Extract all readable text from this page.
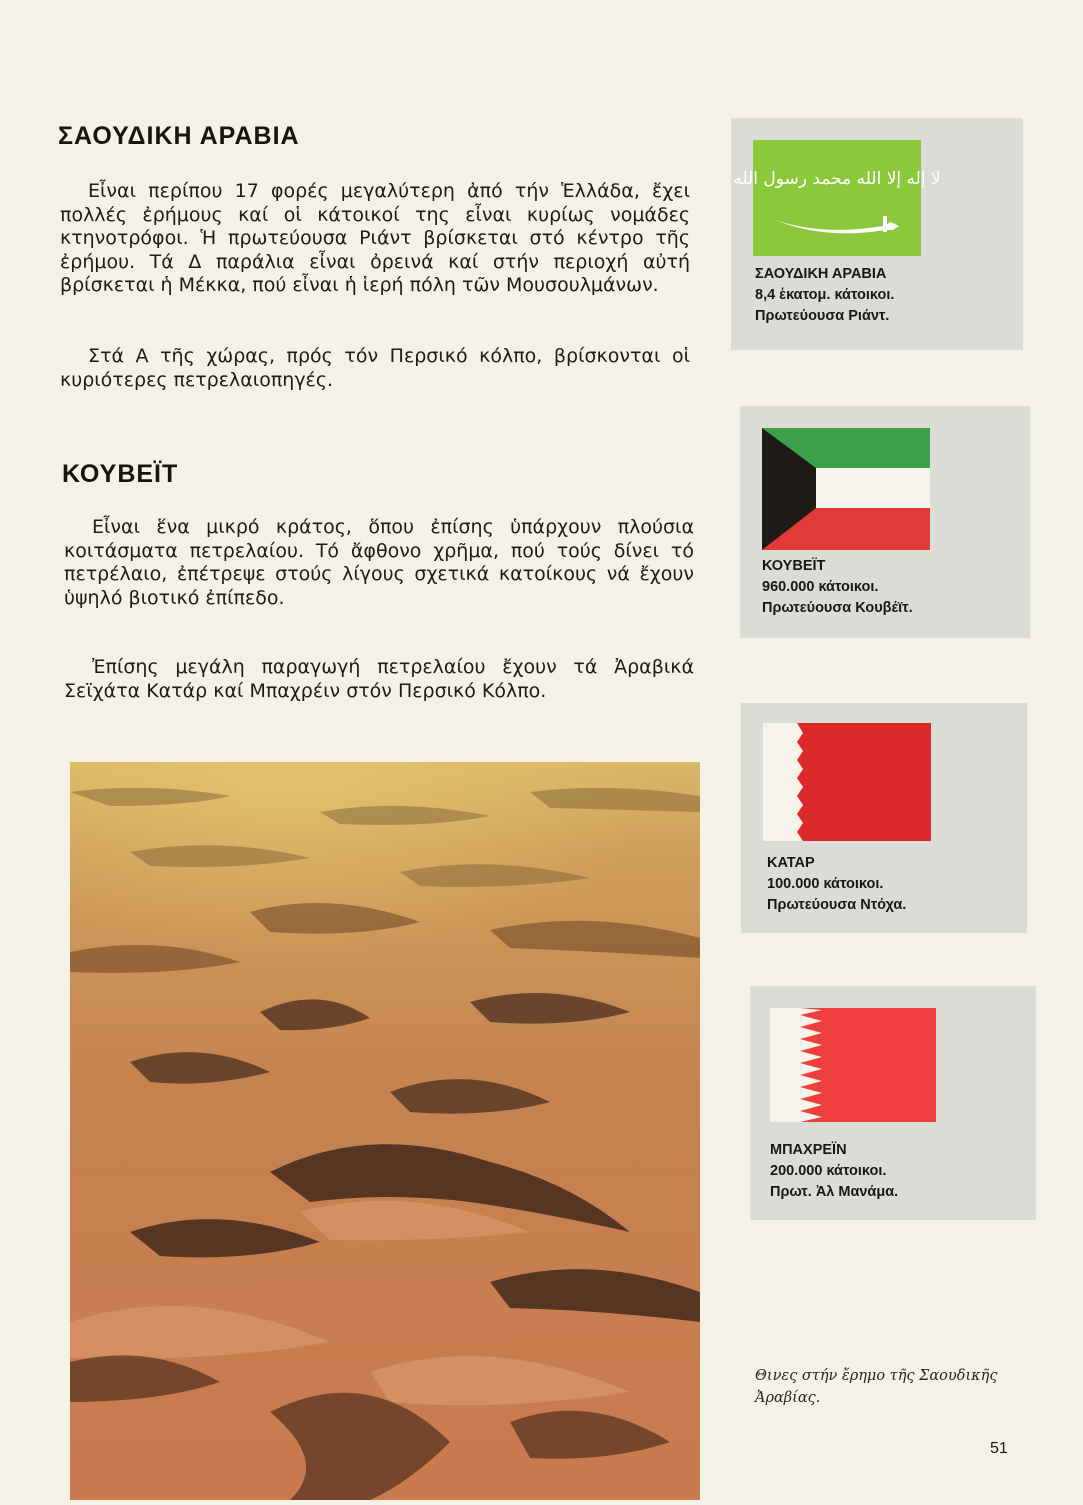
ΣΑΟΥΔΙΚΗ ΑΡΑΒΙΑ

Εἶναι περίπου 17 φορές μεγαλύτερη ἀπό τήν Ἑλλάδα, ἔχει πολλές ἐρήμους καί οἱ κάτοικοί της εἶναι κυρίως νομάδες κτηνοτρόφοι. Ἡ πρωτεύουσα Ριάντ βρίσκεται στό κέντρο τῆς ἐρήμου. Τά Δ παράλια εἶναι ὀρεινά καί στήν περιοχή αὐτή βρίσκεται ἡ Μέκκα, πού εἶναι ἡ ἱερή πόλη τῶν Μουσουλμάνων.

Στά Α τῆς χώρας, πρός τόν Περσικό κόλπο, βρίσκονται οἱ κυριότερες πετρελαιοπηγές.

ΚΟΥΒΕΪΤ

Εἶναι ἕνα μικρό κράτος, ὅπου ἐπίσης ὑπάρχουν πλούσια κοιτάσματα πετρελαίου. Τό ἄφθονο χρῆμα, πού τούς δίνει τό πετρέλαιο, ἐπέτρεψε στούς λίγους σχετικά κατοίκους νά ἔχουν ὑψηλό βιοτικό ἐπίπεδο.

Ἐπίσης μεγάλη παραγωγή πετρελαίου ἔχουν τά Ἀραβικά Σεϊχάτα Κατάρ καί Μπαχρέιν στόν Περσικό Κόλπο.

لا إله إلا الله محمد رسول الله
ΣΑΟΥΔΙΚΗ ΑΡΑΒΙΑ
8,4 ἑκατομ. κάτοικοι.
Πρωτεύουσα Ριάντ.
ΚΟΥΒΕΪΤ
960.000 κάτοικοι.
Πρωτεύουσα Κουβέϊτ.
ΚΑΤΑΡ
100.000 κάτοικοι.
Πρωτεύουσα Ντόχα.
ΜΠΑΧΡΕΪΝ
200.000 κάτοικοι.
Πρωτ. Ἀλ Μανάμα.
Θινες στήν ἔρημο τῆς Σαουδικῆς Ἀραβίας.
51
